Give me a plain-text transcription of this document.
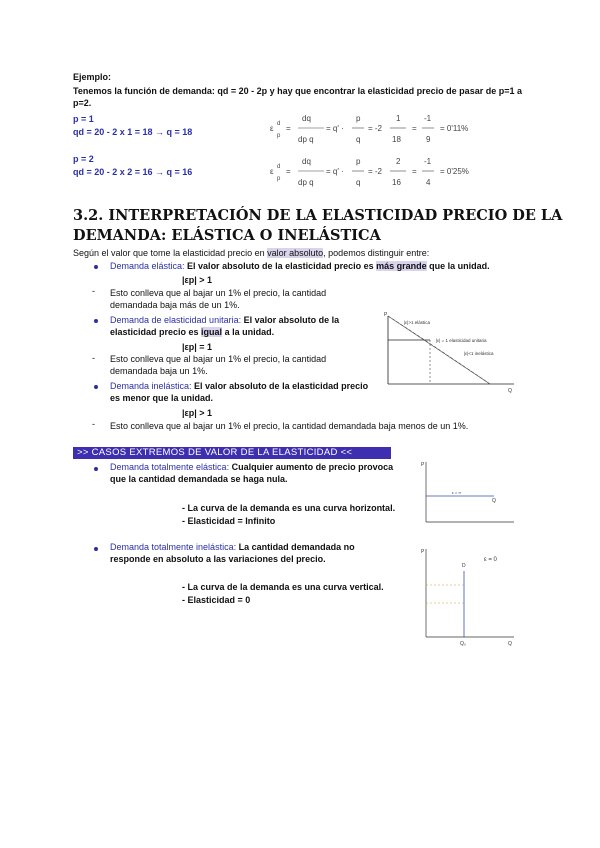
Ejemplo:
Tenemos la función de demanda: qd = 20 - 2p y hay que encontrar la elasticidad precio de pasar de p=1 a p=2.
p = 1
qd = 20 - 2 x 1 = 18 → q = 18
p = 2
qd = 20 - 2 x 2 = 16 → q = 16
ε d
p
=
dq
dp q
= q′ ·
p
q
= -2
1
18
=
-1
9
= 0'11%
ε d
p
=
dq
dp q
= q′ ·
p
q
= -2
2
16
=
-1
4
= 0'25%
3.2. INTERPRETACIÓN DE LA ELASTICIDAD PRECIO DE LA
DEMANDA: ELÁSTICA O INELÁSTICA
Según el valor que tome la elasticidad precio en valor absoluto, podemos distinguir entre:
Demanda elástica: El valor absoluto de la elasticidad precio es más grande que la unidad.
|εp| > 1
- Esto conlleva que al bajar un 1% el precio, la cantidad demandada baja más de un 1%.
Demanda de elasticidad unitaria: El valor absoluto de la elasticidad precio es igual a la unidad.
|εp| = 1
- Esto conlleva que al bajar un 1% el precio, la cantidad demandada baja un 1%.
Demanda inelástica: El valor absoluto de la elasticidad precio es menor que la unidad.
|εp| > 1
- Esto conlleva que al bajar un 1% el precio, la cantidad demandada baja menos de un 1%.
P
Q
|ε|>1 elástica
|ε| = 1 elasticidad unitaria
|ε|<1 inelástica
>> CASOS EXTREMOS DE VALOR DE LA ELASTICIDAD <<
Demanda totalmente elástica: Cualquier aumento de precio provoca que la cantidad demandada se haga nula.
- La curva de la demanda es una curva horizontal.
- Elasticidad = Infinito
P
ε = ∞
Q
Demanda totalmente inelástica: La cantidad demandada no responde en absoluto a las variaciones del precio.
- La curva de la demanda es una curva vertical.
- Elasticidad = 0
P
ε = 0
D
Q₀	Q
